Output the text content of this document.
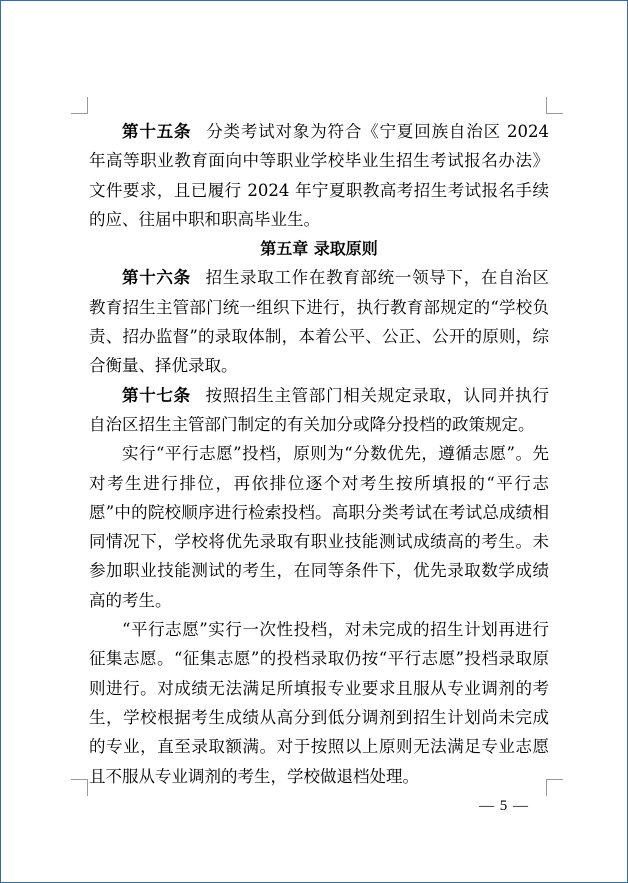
第十五条 分类考试对象为符合《宁夏回族自治区 2024 年高等职业教育面向中等职业学校毕业生招生考试报名办法》文件要求，且已履行 2024 年宁夏职教高考招生考试报名手续的应、往届中职和职高毕业生。

第五章 录取原则

第十六条 招生录取工作在教育部统一领导下，在自治区教育招生主管部门统一组织下进行，执行教育部规定的“学校负责、招办监督”的录取体制，本着公平、公正、公开的原则，综合衡量、择优录取。

第十七条 按照招生主管部门相关规定录取，认同并执行自治区招生主管部门制定的有关加分或降分投档的政策规定。

实行“平行志愿”投档，原则为“分数优先，遵循志愿”。先对考生进行排位，再依排位逐个对考生按所填报的“平行志愿”中的院校顺序进行检索投档。高职分类考试在考试总成绩相同情况下，学校将优先录取有职业技能测试成绩高的考生。未参加职业技能测试的考生，在同等条件下，优先录取数学成绩高的考生。

“平行志愿”实行一次性投档，对未完成的招生计划再进行征集志愿。“征集志愿”的投档录取仍按“平行志愿”投档录取原则进行。对成绩无法满足所填报专业要求且服从专业调剂的考生，学校根据考生成绩从高分到低分调剂到招生计划尚未完成的专业，直至录取额满。对于按照以上原则无法满足专业志愿且不服从专业调剂的考生，学校做退档处理。

— 5 —
